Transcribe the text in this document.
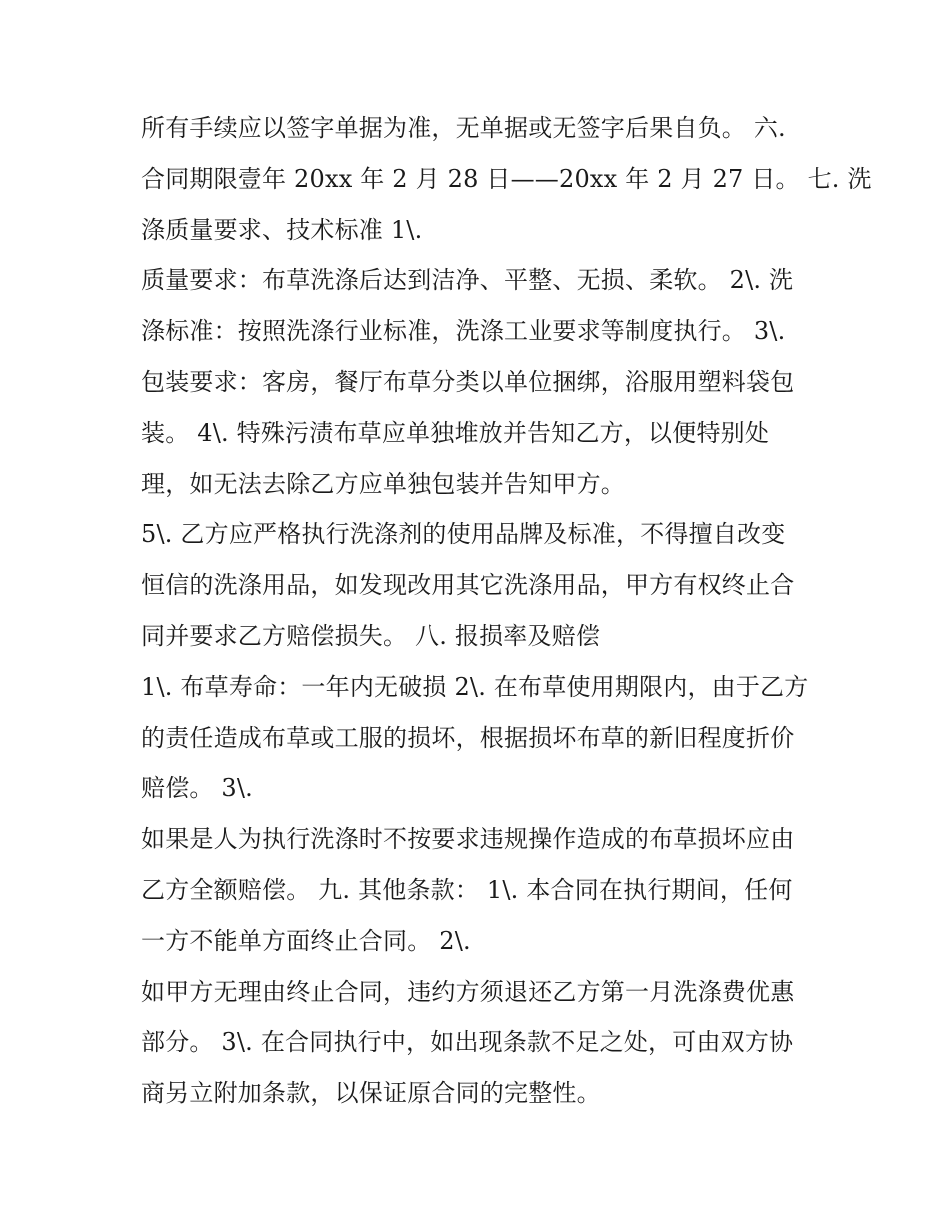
所有手续应以签字单据为准，无单据或无签字后果自负。 六.
合同期限壹年 20xx 年 2 月 28 日——20xx 年 2 月 27 日。 七. 洗
涤质量要求、技术标准 1\.
质量要求：布草洗涤后达到洁净、平整、无损、柔软。 2\. 洗
涤标准：按照洗涤行业标准，洗涤工业要求等制度执行。 3\.
包装要求：客房，餐厅布草分类以单位捆绑，浴服用塑料袋包
装。 4\. 特殊污渍布草应单独堆放并告知乙方，以便特别处
理，如无法去除乙方应单独包装并告知甲方。
5\. 乙方应严格执行洗涤剂的使用品牌及标准，不得擅自改变
恒信的洗涤用品，如发现改用其它洗涤用品，甲方有权终止合
同并要求乙方赔偿损失。 八. 报损率及赔偿
1\. 布草寿命：一年内无破损 2\. 在布草使用期限内，由于乙方
的责任造成布草或工服的损坏，根据损坏布草的新旧程度折价
赔偿。 3\.
如果是人为执行洗涤时不按要求违规操作造成的布草损坏应由
乙方全额赔偿。 九. 其他条款： 1\. 本合同在执行期间，任何
一方不能单方面终止合同。 2\.
如甲方无理由终止合同，违约方须退还乙方第一月洗涤费优惠
部分。 3\. 在合同执行中，如出现条款不足之处，可由双方协
商另立附加条款，以保证原合同的完整性。
